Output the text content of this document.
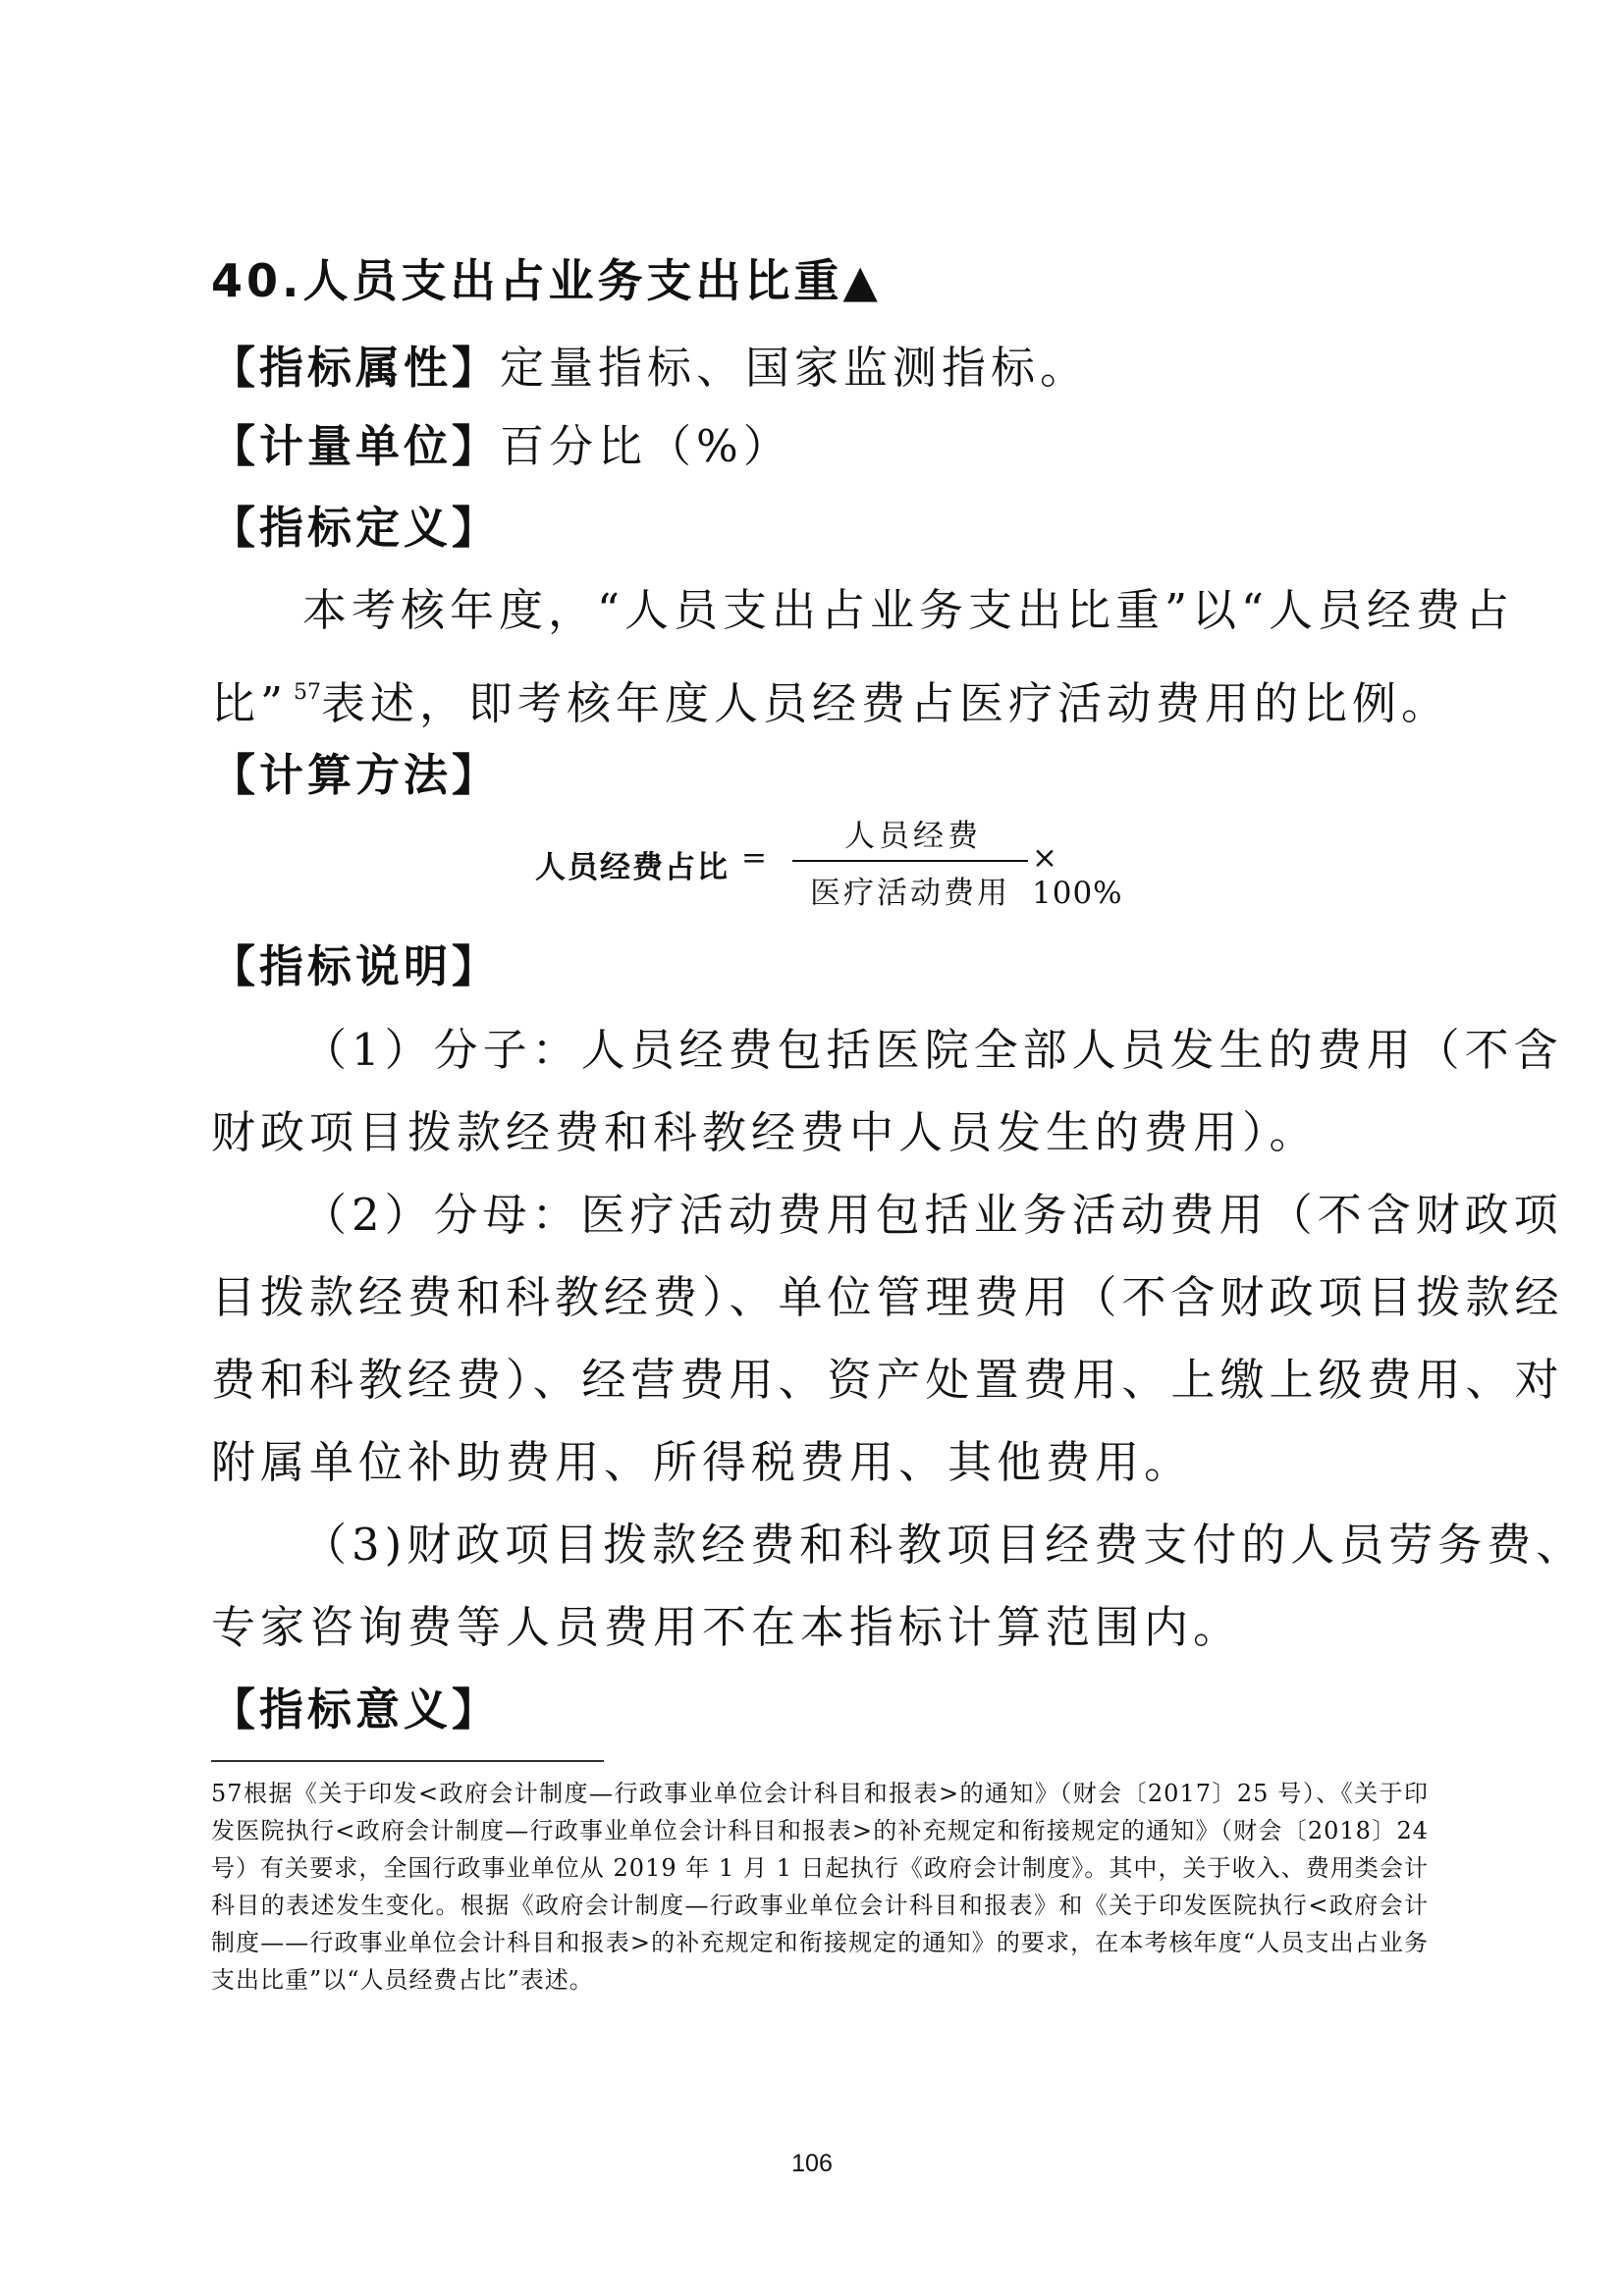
40.人员支出占业务支出比重▲

【指标属性】定量指标、国家监测指标。

【计量单位】百分比（%）

【指标定义】

本考核年度，“人员支出占业务支出比重”以“人员经费占

比” $^{57}$表述，即考核年度人员经费占医疗活动费用的比例。

【计算方法】

人员经费占比 =
人员经费
医疗活动费用
× 100%

【指标说明】

（1）分子：人员经费包括医院全部人员发生的费用（不含

财政项目拨款经费和科教经费中人员发生的费用）。

（2）分母：医疗活动费用包括业务活动费用（不含财政项

目拨款经费和科教经费）、单位管理费用（不含财政项目拨款经

费和科教经费）、经营费用、资产处置费用、上缴上级费用、对

附属单位补助费用、所得税费用、其他费用。

（3)财政项目拨款经费和科教项目经费支付的人员劳务费、

专家咨询费等人员费用不在本指标计算范围内。

【指标意义】

57根据《关于印发<政府会计制度—行政事业单位会计科目和报表>的通知》（财会〔2017〕25 号）、《关于印发医院执行<政府会计制度—行政事业单位会计科目和报表>的补充规定和衔接规定的通知》（财会〔2018〕24 号）有关要求，全国行政事业单位从 2019 年 1 月 1 日起执行《政府会计制度》。其中，关于收入、费用类会计科目的表述发生变化。根据《政府会计制度—行政事业单位会计科目和报表》和《关于印发医院执行<政府会计制度——行政事业单位会计科目和报表>的补充规定和衔接规定的通知》的要求，在本考核年度“人员支出占业务支出比重”以“人员经费占比”表述。

106
